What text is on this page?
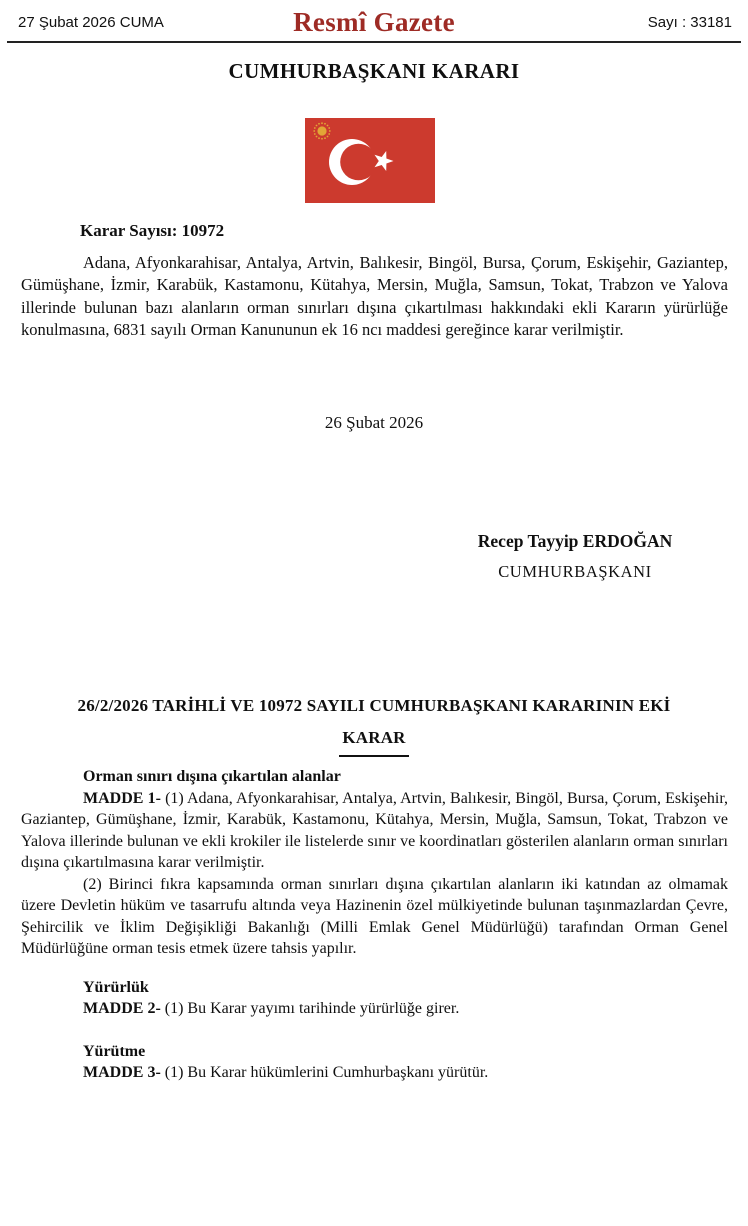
27 Şubat 2026 CUMA	Resmî Gazete	Sayı : 33181
CUMHURBAŞKANI KARARI
Karar Sayısı: 10972
Adana, Afyonkarahisar, Antalya, Artvin, Balıkesir, Bingöl, Bursa, Çorum, Eskişehir, Gaziantep, Gümüşhane, İzmir, Karabük, Kastamonu, Kütahya, Mersin, Muğla, Samsun, Tokat, Trabzon ve Yalova illerinde bulunan bazı alanların orman sınırları dışına çıkartılması hakkındaki ekli Kararın yürürlüğe konulmasına, 6831 sayılı Orman Kanununun ek 16 ncı maddesi gereğince karar verilmiştir.
26 Şubat 2026
Recep Tayyip ERDOĞAN
CUMHURBAŞKANI
26/2/2026 TARİHLİ VE 10972 SAYILI CUMHURBAŞKANI KARARININ EKİ
KARAR
Orman sınırı dışına çıkartılan alanlar

MADDE 1- (1) Adana, Afyonkarahisar, Antalya, Artvin, Balıkesir, Bingöl, Bursa, Çorum, Eskişehir, Gaziantep, Gümüşhane, İzmir, Karabük, Kastamonu, Kütahya, Mersin, Muğla, Samsun, Tokat, Trabzon ve Yalova illerinde bulunan ve ekli krokiler ile listelerde sınır ve koordinatları gösterilen alanların orman sınırları dışına çıkartılmasına karar verilmiştir.

(2) Birinci fıkra kapsamında orman sınırları dışına çıkartılan alanların iki katından az olmamak üzere Devletin hüküm ve tasarrufu altında veya Hazinenin özel mülkiyetinde bulunan taşınmazlardan Çevre, Şehircilik ve İklim Değişikliği Bakanlığı (Milli Emlak Genel Müdürlüğü) tarafından Orman Genel Müdürlüğüne orman tesis etmek üzere tahsis yapılır.

Yürürlük

MADDE 2- (1) Bu Karar yayımı tarihinde yürürlüğe girer.

Yürütme

MADDE 3- (1) Bu Karar hükümlerini Cumhurbaşkanı yürütür.
